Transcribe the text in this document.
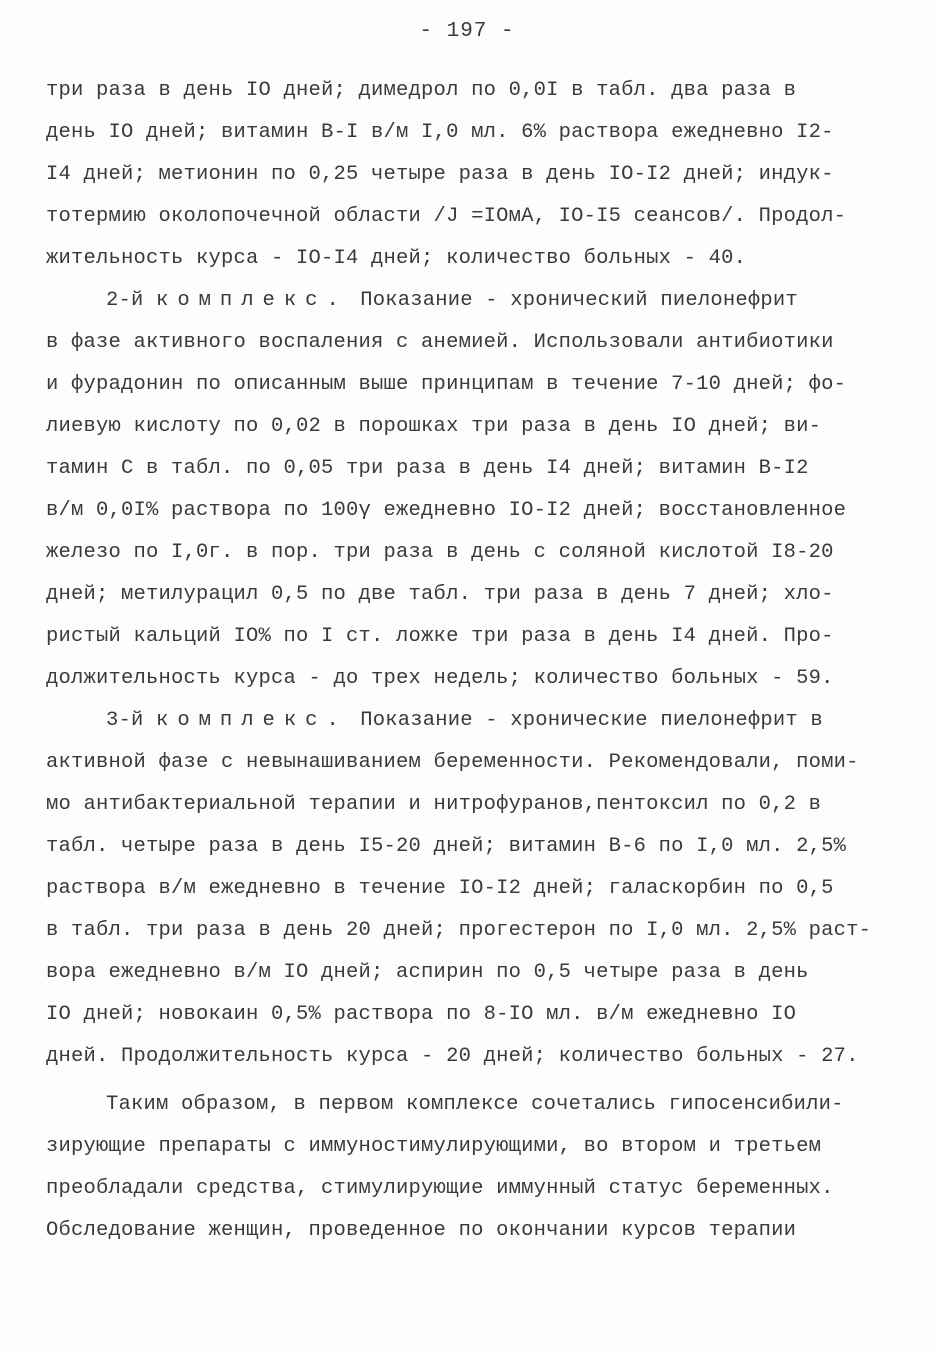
- 197 -
три раза в день IO дней; димедрол по 0,0I в табл. два раза в
день IO дней; витамин B-I в/м I,0 мл. 6% раствора ежедневно I2-
I4 дней; метионин по 0,25 четыре раза в день IO-I2 дней; индук-
тотермию околопочечной области /J =IOмА, IO-I5 сеансов/. Продол-
жительность курса - IO-I4 дней; количество больных - 40.
2-й комплекс. Показание - хронический пиелонефрит
в фазе активного воспаления с анемией. Использовали антибиотики
и фурадонин по описанным выше принципам в течение 7-10 дней; фо-
лиевую кислоту по 0,02 в порошках три раза в день IO дней; ви-
тамин С в табл. по 0,05 три раза в день I4 дней; витамин B-I2
в/м 0,0I% раствора по 100γ ежедневно IO-I2 дней; восстановленное
железо по I,0г. в пор. три раза в день с соляной кислотой I8-20
дней; метилурацил 0,5 по две табл. три раза в день 7 дней; хло-
ристый кальций IO% по I ст. ложке три раза в день I4 дней. Про-
должительность курса - до трех недель; количество больных - 59.
3-й комплекс. Показание - хронические пиелонефрит в
активной фазе с невынашиванием беременности. Рекомендовали, поми-
мо антибактериальной терапии и нитрофуранов,пентоксил по 0,2 в
табл. четыре раза в день I5-20 дней; витамин B-6 по I,0 мл. 2,5%
раствора в/м ежедневно в течение IO-I2 дней; галаскорбин по 0,5
в табл. три раза в день 20 дней; прогестерон по I,0 мл. 2,5% раст-
вора ежедневно в/м IO дней; аспирин по 0,5 четыре раза в день
IO дней; новокаин 0,5% раствора по 8-IO мл. в/м ежедневно IO
дней. Продолжительность курса - 20 дней; количество больных - 27.
Таким образом, в первом комплексе сочетались гипосенсибили-
зирующие препараты с иммуностимулирующими, во втором и третьем
преобладали средства, стимулирующие иммунный статус беременных.
Обследование женщин, проведенное по окончании курсов терапии
